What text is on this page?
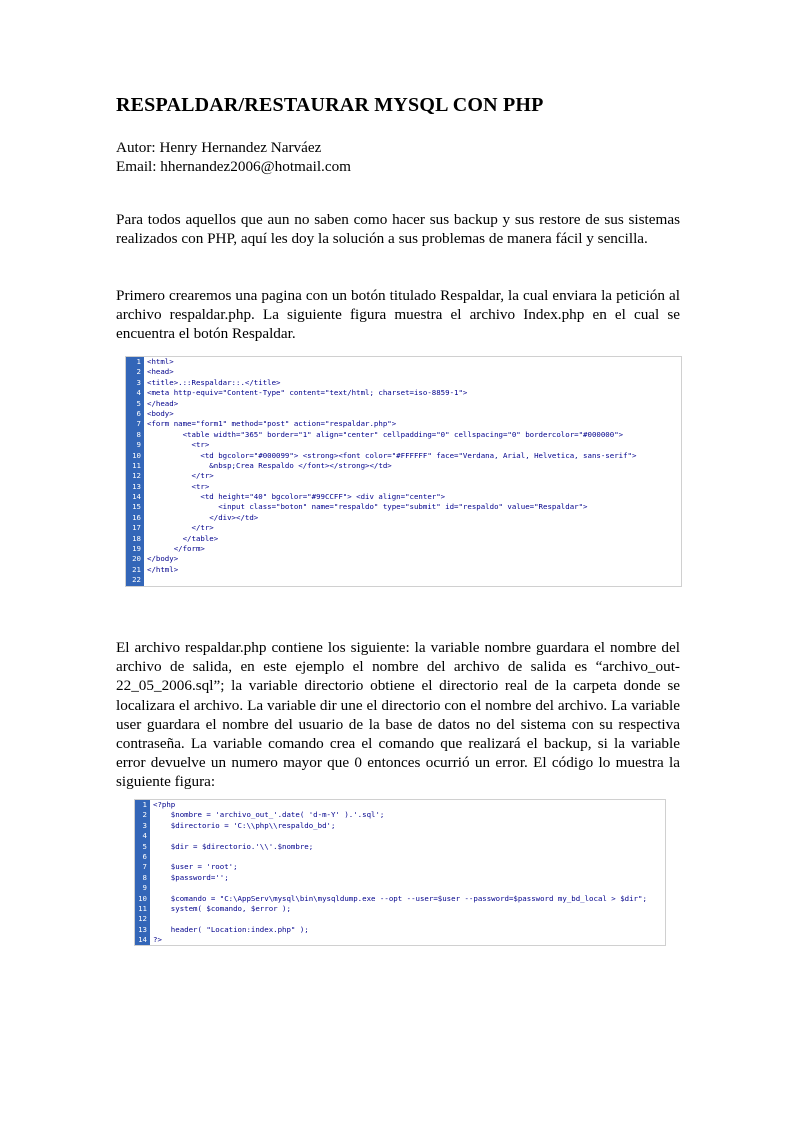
RESPALDAR/RESTAURAR MYSQL CON PHP
Autor: Henry Hernandez Narváez
Email: hhernandez2006@hotmail.com

Para todos aquellos que aun no saben como hacer sus backup y sus restore de sus sistemas realizados con PHP, aquí les doy la solución a sus problemas de manera fácil y sencilla.

Primero crearemos una pagina con un botón titulado Respaldar, la cual enviara la petición al archivo respaldar.php. La siguiente figura muestra el archivo Index.php en el cual se encuentra el botón Respaldar.

1 <html>
2 <head>
3 <title>.::Respaldar::.</title>
4 <meta http-equiv="Content-Type" content="text/html; charset=iso-8859-1">
5 </head>
6 <body>
7 <form name="form1" method="post" action="respaldar.php">
8 <table width="365" border="1" align="center" cellpadding="0" cellspacing="0" bordercolor="#000000">
9 <tr>
10 <td bgcolor="#000099"> <strong><font color="#FFFFFF" face="Verdana, Arial, Helvetica, sans-serif">
11 &nbsp;Crea Respaldo </font></strong></td>
12 </tr>
13 <tr>
14 <td height="40" bgcolor="#99CCFF"> <div align="center">
15 <input class="boton" name="respaldo" type="submit" id="respaldo" value="Respaldar">
16 </div></td>
17 </tr>
18 </table>
19 </form>
20 </body>
21 </html>
22

El archivo respaldar.php contiene los siguiente: la variable nombre guardara el nombre del archivo de salida, en este ejemplo el nombre del archivo de salida es “archivo_out-22_05_2006.sql”; la variable directorio obtiene el directorio real de la carpeta donde se localizara el archivo. La variable dir une el directorio con el nombre del archivo. La variable user guardara el nombre del usuario de la base de datos no del sistema con su respectiva contraseña. La variable comando crea el comando que realizará el backup, si la variable error devuelve un numero mayor que 0 entonces ocurrió un error. El código lo muestra la siguiente figura:

1 <?php
2 $nombre = 'archivo_out_'.date( 'd-m-Y' ).'.sql';
3 $directorio = 'C:\\php\\respaldo_bd';
4
5 $dir = $directorio.'\\'.$nombre;
6
7 $user = 'root';
8 $password='';
9
10 $comando = "C:\AppServ\mysql\bin\mysqldump.exe --opt --user=$user --password=$password my_bd_local > $dir";
11 system( $comando, $error );
12
13 header( "Location:index.php" );
14 ?>
